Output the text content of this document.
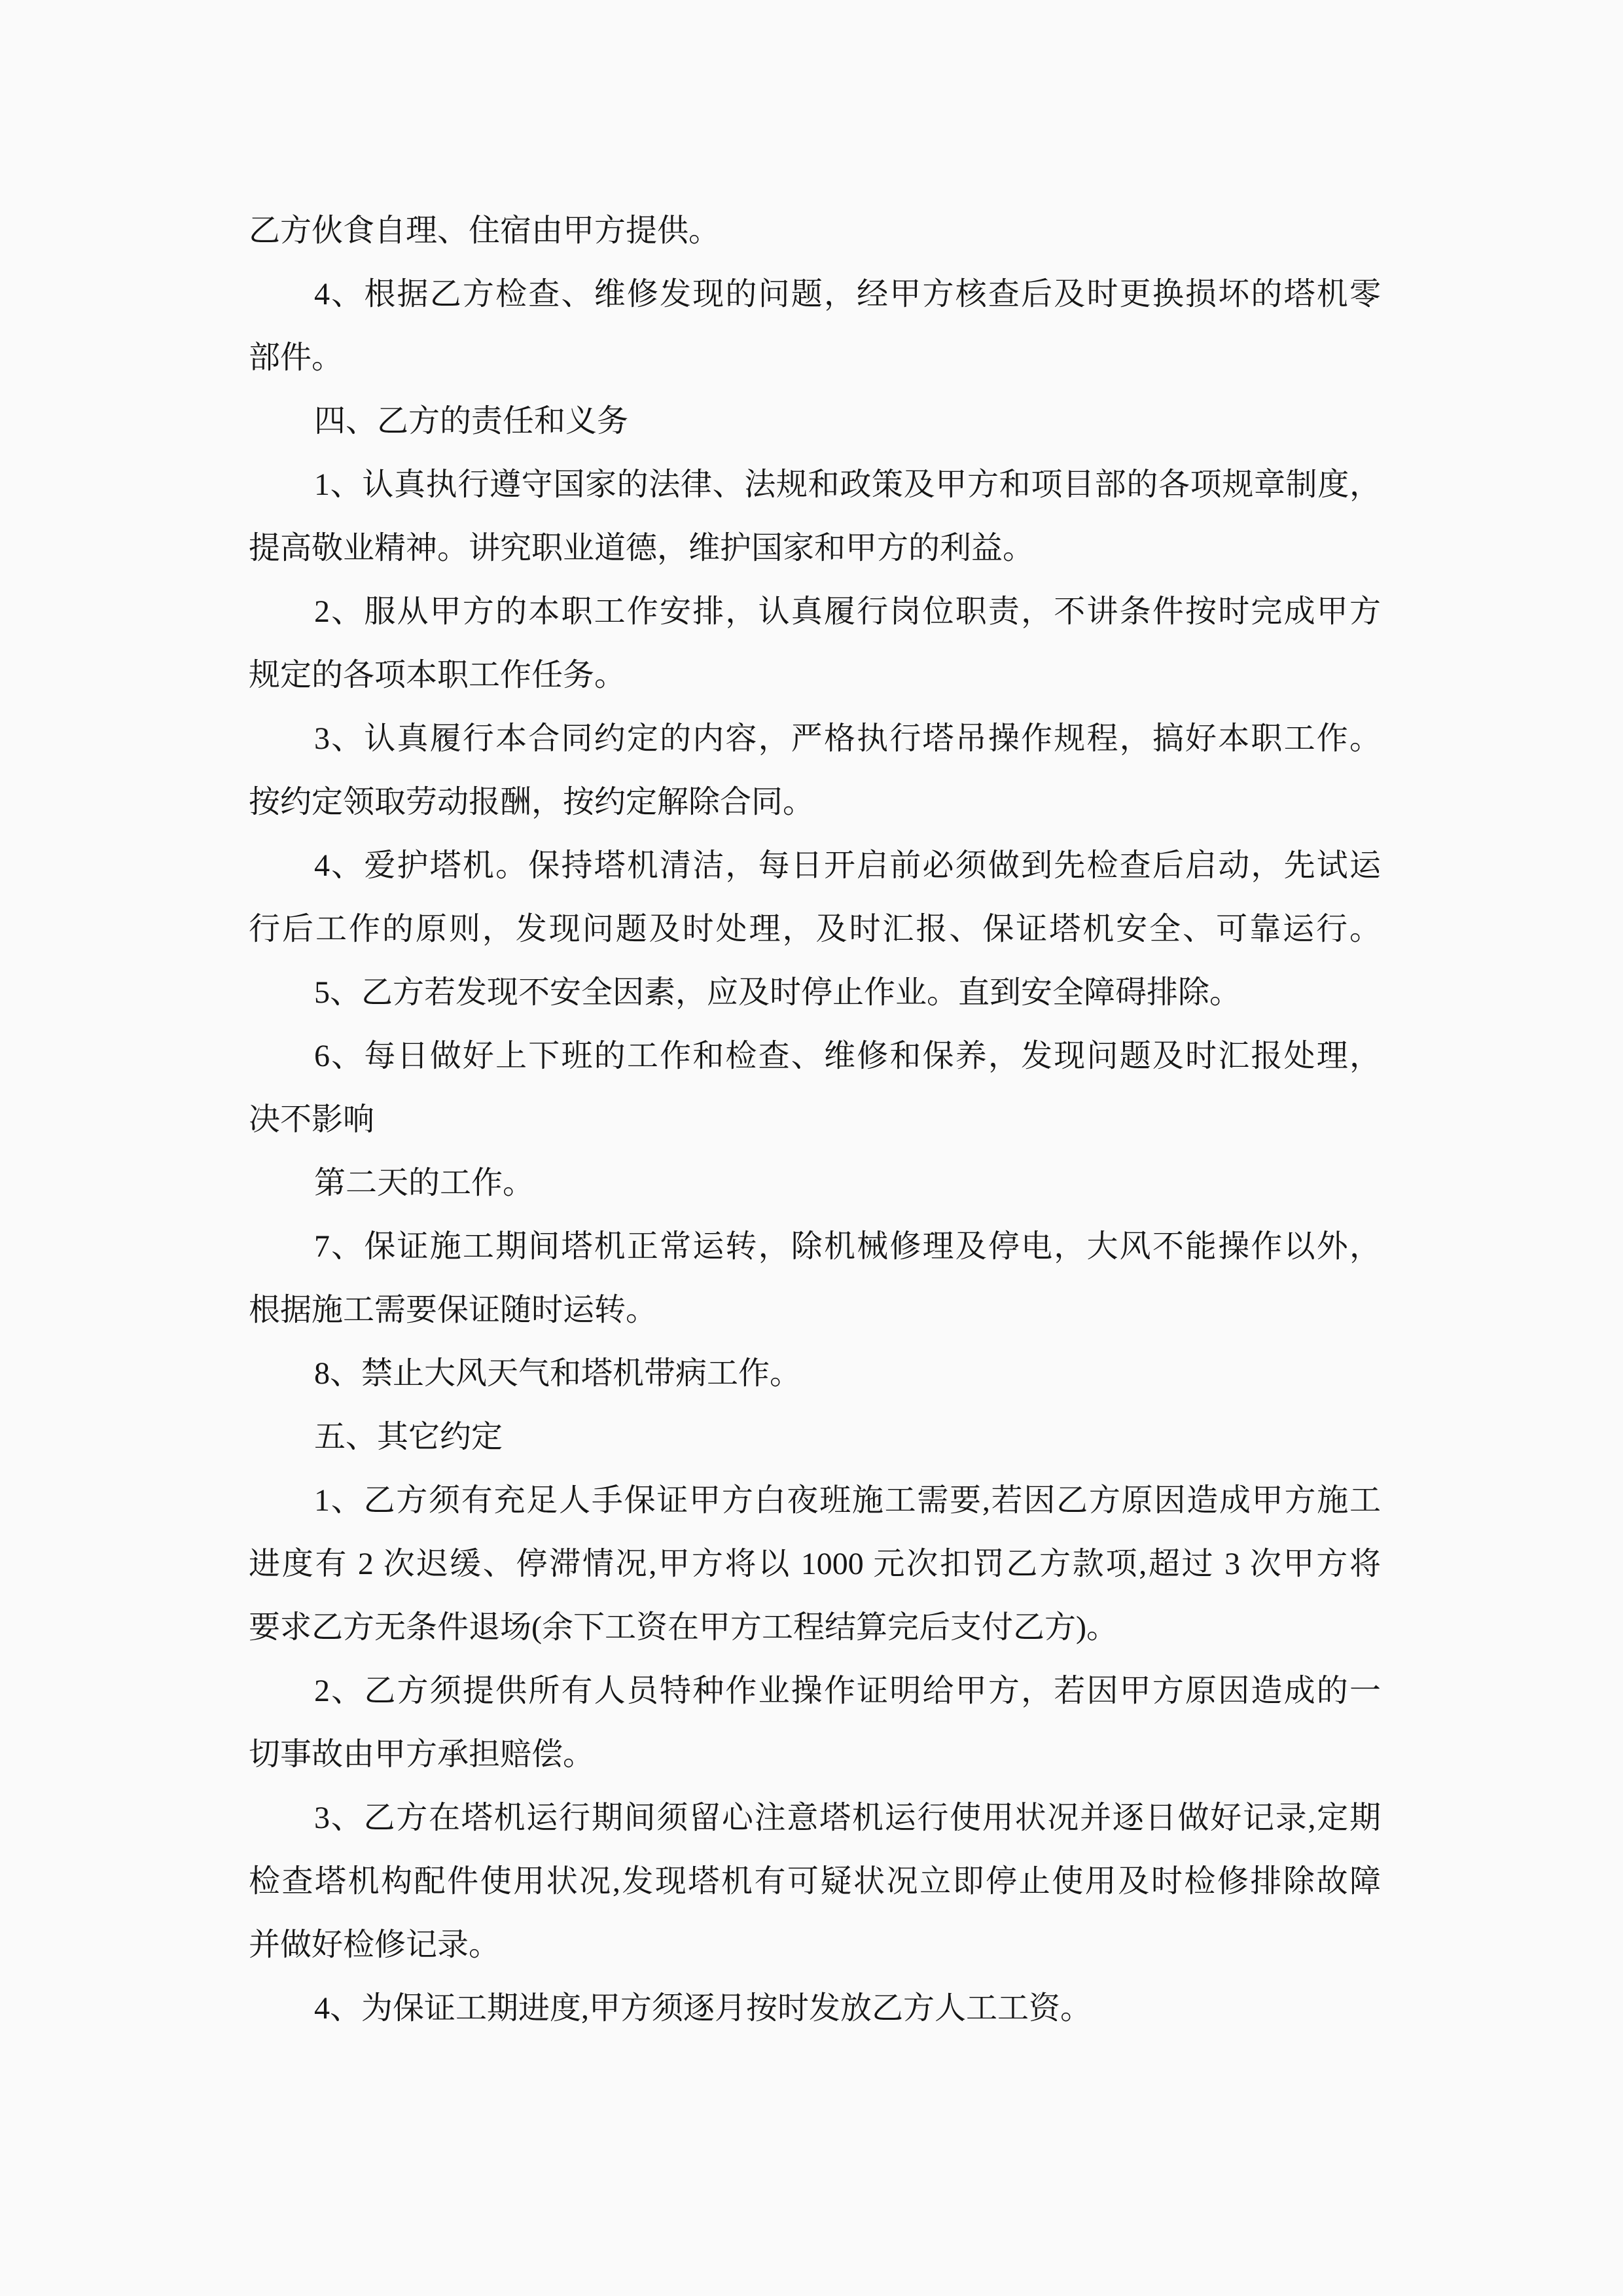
乙方伙食自理、住宿由甲方提供。
4、根据乙方检查、维修发现的问题，经甲方核查后及时更换损坏的塔机零
部件。
四、乙方的责任和义务
1、认真执行遵守国家的法律、法规和政策及甲方和项目部的各项规章制度，
提高敬业精神。讲究职业道德，维护国家和甲方的利益。
2、服从甲方的本职工作安排，认真履行岗位职责，不讲条件按时完成甲方
规定的各项本职工作任务。
3、认真履行本合同约定的内容，严格执行塔吊操作规程，搞好本职工作。
按约定领取劳动报酬，按约定解除合同。
4、爱护塔机。保持塔机清洁，每日开启前必须做到先检查后启动，先试运
行后工作的原则，发现问题及时处理，及时汇报、保证塔机安全、可靠运行。
5、乙方若发现不安全因素，应及时停止作业。直到安全障碍排除。
6、每日做好上下班的工作和检查、维修和保养，发现问题及时汇报处理，
决不影响
第二天的工作。
7、保证施工期间塔机正常运转，除机械修理及停电，大风不能操作以外，
根据施工需要保证随时运转。
8、禁止大风天气和塔机带病工作。
五、其它约定
1、乙方须有充足人手保证甲方白夜班施工需要,若因乙方原因造成甲方施工
进度有 2 次迟缓、停滞情况,甲方将以 1000 元次扣罚乙方款项,超过 3 次甲方将
要求乙方无条件退场(余下工资在甲方工程结算完后支付乙方)。
2、乙方须提供所有人员特种作业操作证明给甲方，若因甲方原因造成的一
切事故由甲方承担赔偿。
3、乙方在塔机运行期间须留心注意塔机运行使用状况并逐日做好记录,定期
检查塔机构配件使用状况,发现塔机有可疑状况立即停止使用及时检修排除故障
并做好检修记录。
4、为保证工期进度,甲方须逐月按时发放乙方人工工资。
